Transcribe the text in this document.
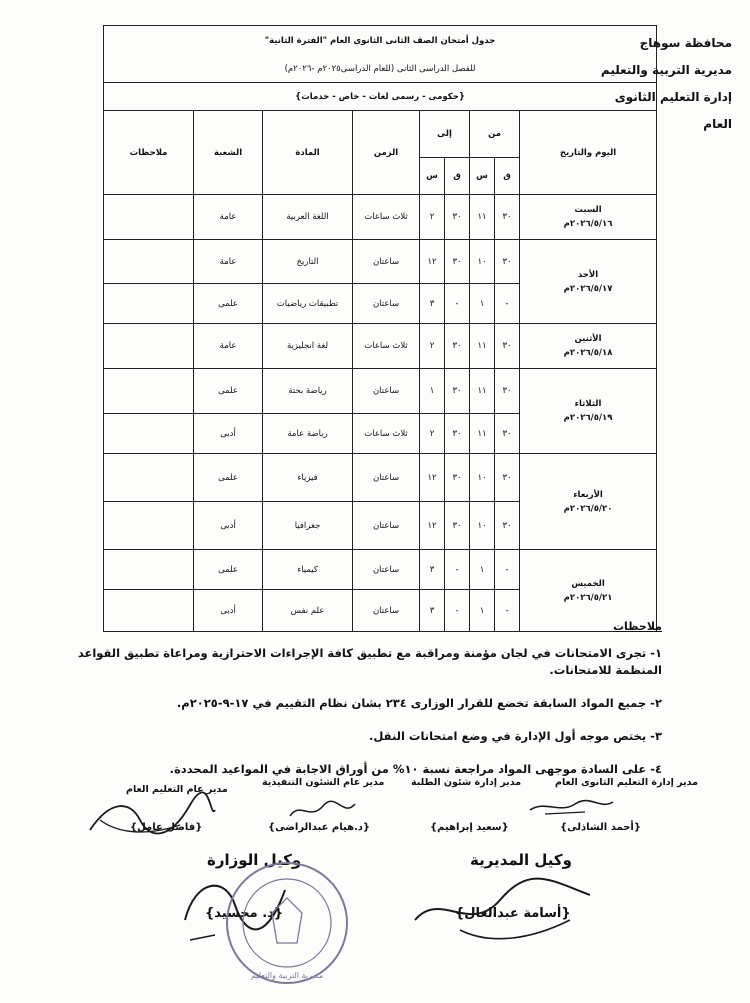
محافظة سوهاج
مديرية التربية والتعليم
إدارة التعليم الثانوى العام
جدول أمتحان الصف الثانى الثانوى العام "الفترة الثانية"								
للفصل الدراسى الثانى (للعام الدراسى٢٠٢٥م -٢٠٢٦م)								
{حكومى - رسمى لغات - خاص - خدمات}								
اليوم والتاريخ	من		إلى		الزمن	المادة	الشعبة	ملاحظات
	ق	س	ق	س				

السبت
٢٠٢٦/٥/١٦م	٣٠	١١	٣٠	٢	ثلاث ساعات	اللغة العربية	عامة	

الأحد
٢٠٢٦/٥/١٧م	٣٠	١٠	٣٠	١٢	ساعتان	التاريخ	عامة	
	-	١	-	٣	ساعتان	تطبيقات رياضيات	علمى	

الأثنين
٢٠٢٦/٥/١٨م	٣٠	١١	٣٠	٢	ثلاث ساعات	لغة انجليزية	عامة	

الثلاثاء
٢٠٢٦/٥/١٩م	٣٠	١١	٣٠	١	ساعتان	رياضة بحتة	علمى	
	٣٠	١١	٣٠	٢	ثلاث ساعات	رياضة عامة	أدبى	

الأربعاء
٢٠٢٦/٥/٢٠م	٣٠	١٠	٣٠	١٢	ساعتان	فيزياء	علمى	
	٣٠	١٠	٣٠	١٢	ساعتان	جغرافيا	أدبى	

الخميس
٢٠٢٦/٥/٢١م	-	١	-	٣	ساعتان	كيمياء	علمى	
	-	١	-	٣	ساعتان	علم نفس	أدبى	
ملاحظات

١- تجرى الامتحانات في لجان مؤمنة ومراقبة مع تطبيق كافة الإجراءات الاحترازية ومراعاة تطبيق القواعد المنظمة للامتحانات.

٢- جميع المواد السابقة تخضع للقرار الوزارى ٢٣٤ بشان نظام التقييم في ١٧-٩-٢٠٢٥م.

٣- يختص موجه أول الإدارة في وضع امتحانات النقل.

٤- على السادة موجهى المواد مراجعة نسبة ١٠% من أوراق الاجابة في المواعيد المحددة.

مدير إدارة التعليم الثانوى العام
مدير إدارة شئون الطلبة
مدير عام الشئون التنفيذية
مدير عام التعليم العام
{أحمد الشاذلى}
{سعيد إبراهيم}
{د.هيام عبدالراضى}
{فاضل عامل}
وكيل المديرية
وكيل الوزارة
{أسامة عبدالعال}
{د. محسيد}
مديرية التربية والتعليم
